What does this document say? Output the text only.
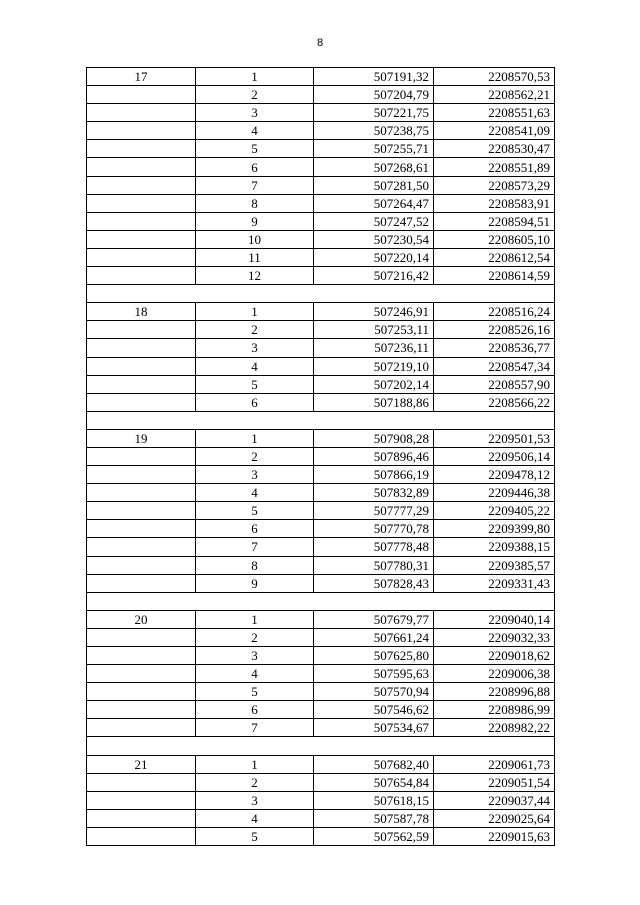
8
17	1	507191,32	2208570,53
	2	507204,79	2208562,21
	3	507221,75	2208551,63
	4	507238,75	2208541,09
	5	507255,71	2208530,47
	6	507268,61	2208551,89
	7	507281,50	2208573,29
	8	507264,47	2208583,91
	9	507247,52	2208594,51
	10	507230,54	2208605,10
	11	507220,14	2208612,54
	12	507216,42	2208614,59

18	1	507246,91	2208516,24
	2	507253,11	2208526,16
	3	507236,11	2208536,77
	4	507219,10	2208547,34
	5	507202,14	2208557,90
	6	507188,86	2208566,22

19	1	507908,28	2209501,53
	2	507896,46	2209506,14
	3	507866,19	2209478,12
	4	507832,89	2209446,38
	5	507777,29	2209405,22
	6	507770,78	2209399,80
	7	507778,48	2209388,15
	8	507780,31	2209385,57
	9	507828,43	2209331,43

20	1	507679,77	2209040,14
	2	507661,24	2209032,33
	3	507625,80	2209018,62
	4	507595,63	2209006,38
	5	507570,94	2208996,88
	6	507546,62	2208986,99
	7	507534,67	2208982,22

21	1	507682,40	2209061,73
	2	507654,84	2209051,54
	3	507618,15	2209037,44
	4	507587,78	2209025,64
	5	507562,59	2209015,63
